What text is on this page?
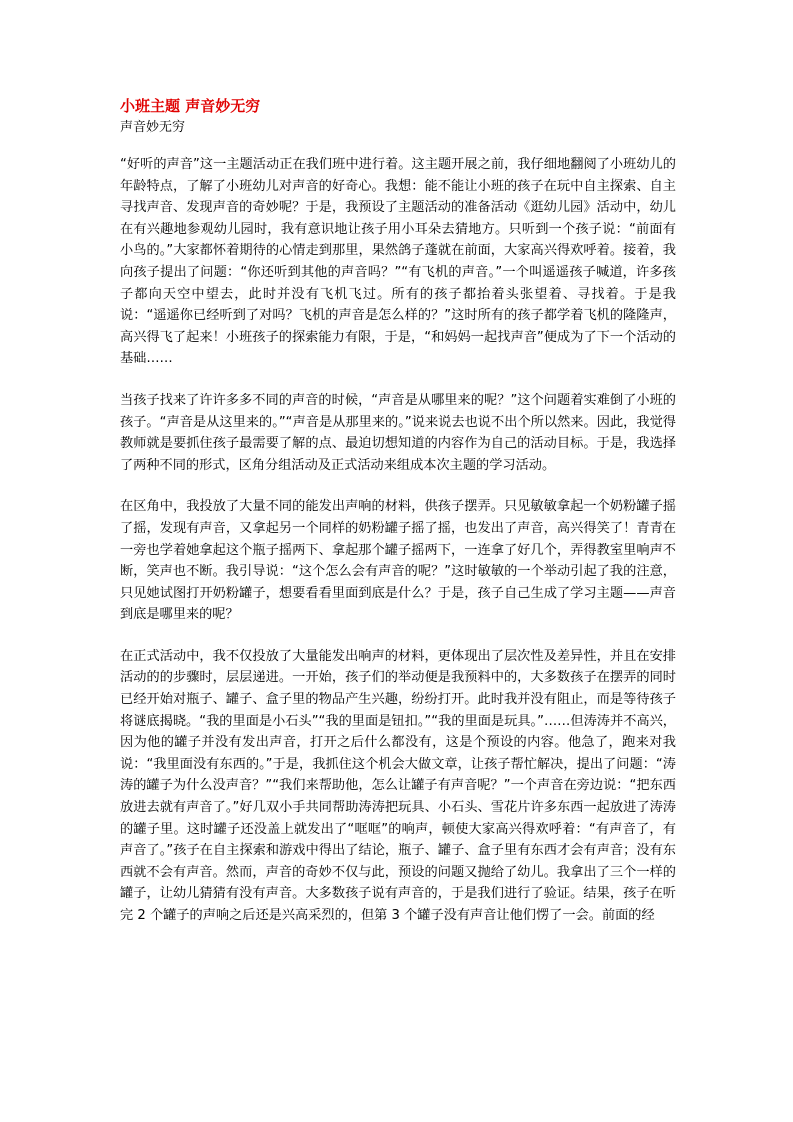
小班主题 声音妙无穷
声音妙无穷

“好听的声音”这一主题活动正在我们班中进行着。这主题开展之前，我仔细地翻阅了小班幼儿的年龄特点，了解了小班幼儿对声音的好奇心。我想：能不能让小班的孩子在玩中自主探索、自主寻找声音、发现声音的奇妙呢？于是，我预设了主题活动的准备活动《逛幼儿园》活动中，幼儿在有兴趣地参观幼儿园时，我有意识地让孩子用小耳朵去猜地方。只听到一个孩子说：“前面有小鸟的。”大家都怀着期待的心情走到那里，果然鸽子蓬就在前面，大家高兴得欢呼着。接着，我向孩子提出了问题：“你还听到其他的声音吗？”“有飞机的声音。”一个叫遥遥孩子喊道，许多孩子都向天空中望去，此时并没有飞机飞过。所有的孩子都抬着头张望着、寻找着。于是我说：“遥遥你已经听到了对吗？飞机的声音是怎么样的？”这时所有的孩子都学着飞机的隆隆声，高兴得飞了起来！小班孩子的探索能力有限，于是，“和妈妈一起找声音”便成为了下一个活动的基础……

当孩子找来了许许多多不同的声音的时候，“声音是从哪里来的呢？”这个问题着实难倒了小班的孩子。“声音是从这里来的。”“声音是从那里来的。”说来说去也说不出个所以然来。因此，我觉得教师就是要抓住孩子最需要了解的点、最迫切想知道的内容作为自己的活动目标。于是，我选择了两种不同的形式，区角分组活动及正式活动来组成本次主题的学习活动。

在区角中，我投放了大量不同的能发出声响的材料，供孩子摆弄。只见敏敏拿起一个奶粉罐子摇了摇，发现有声音，又拿起另一个同样的奶粉罐子摇了摇，也发出了声音，高兴得笑了！青青在一旁也学着她拿起这个瓶子摇两下、拿起那个罐子摇两下，一连拿了好几个，弄得教室里响声不断，笑声也不断。我引导说：“这个怎么会有声音的呢？”这时敏敏的一个举动引起了我的注意，只见她试图打开奶粉罐子，想要看看里面到底是什么？于是，孩子自己生成了学习主题——声音到底是哪里来的呢？

在正式活动中，我不仅投放了大量能发出响声的材料，更体现出了层次性及差异性，并且在安排活动的的步骤时，层层递进。一开始，孩子们的举动便是我预料中的，大多数孩子在摆弄的同时已经开始对瓶子、罐子、盒子里的物品产生兴趣，纷纷打开。此时我并没有阻止，而是等待孩子将谜底揭晓。“我的里面是小石头”“我的里面是钮扣。”“我的里面是玩具。”……但涛涛并不高兴，因为他的罐子并没有发出声音，打开之后什么都没有，这是个预设的内容。他急了，跑来对我说：“我里面没有东西的。”于是，我抓住这个机会大做文章，让孩子帮忙解决，提出了问题：“涛涛的罐子为什么没声音？”“我们来帮助他，怎么让罐子有声音呢？”一个声音在旁边说：“把东西放进去就有声音了。”好几双小手共同帮助涛涛把玩具、小石头、雪花片许多东西一起放进了涛涛的罐子里。这时罐子还没盖上就发出了“哐哐”的响声，顿使大家高兴得欢呼着：“有声音了，有声音了。”孩子在自主探索和游戏中得出了结论，瓶子、罐子、盒子里有东西才会有声音；没有东西就不会有声音。然而，声音的奇妙不仅与此，预设的问题又抛给了幼儿。我拿出了三个一样的罐子，让幼儿猜猜有没有声音。大多数孩子说有声音的，于是我们进行了验证。结果，孩子在听完 2 个罐子的声响之后还是兴高采烈的，但第 3 个罐子没有声音让他们愣了一会。前面的经
